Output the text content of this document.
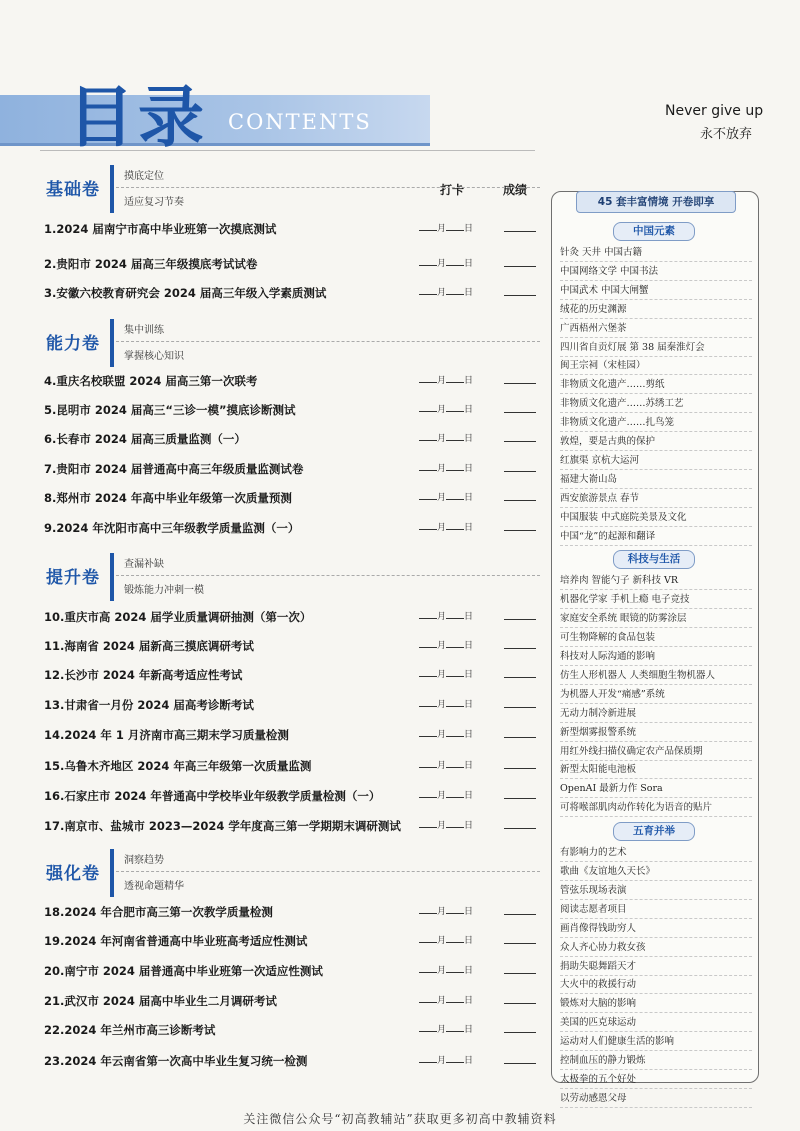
目录 CONTENTS	Never give up
永不放弃
打卡	成绩
基础卷
摸底定位
适应复习节奏
能力卷
集中训练
掌握核心知识
提升卷
查漏补缺
锻炼能力冲刺一模
强化卷
洞察趋势
透视命题精华
1.2024 届南宁市高中毕业班第一次摸底测试	月 日
2.贵阳市 2024 届高三年级摸底考试试卷	月 日
3.安徽六校教育研究会 2024 届高三年级入学素质测试	月 日
4.重庆名校联盟 2024 届高三第一次联考	月 日
5.昆明市 2024 届高三“三诊一模”摸底诊断测试	月 日
6.长春市 2024 届高三质量监测（一）	月 日
7.贵阳市 2024 届普通高中高三年级质量监测试卷	月 日
8.郑州市 2024 年高中毕业年级第一次质量预测	月 日
9.2024 年沈阳市高中三年级教学质量监测（一）	月 日
10.重庆市高 2024 届学业质量调研抽测（第一次）	月 日
11.海南省 2024 届新高三摸底调研考试	月 日
12.长沙市 2024 年新高考适应性考试	月 日
13.甘肃省一月份 2024 届高考诊断考试	月 日
14.2024 年 1 月济南市高三期末学习质量检测	月 日
15.乌鲁木齐地区 2024 年高三年级第一次质量监测	月 日
16.石家庄市 2024 年普通高中学校毕业年级教学质量检测（一）	月 日
17.南京市、盐城市 2023—2024 学年度高三第一学期期末调研测试	月 日
18.2024 年合肥市高三第一次教学质量检测	月 日
19.2024 年河南省普通高中毕业班高考适应性测试	月 日
20.南宁市 2024 届普通高中毕业班第一次适应性测试	月 日
21.武汉市 2024 届高中毕业生二月调研考试	月 日
22.2024 年兰州市高三诊断考试	月 日
23.2024 年云南省第一次高中毕业生复习统一检测	月 日
45 套丰富情境 开卷即享
中国元素
针灸 天井 中国古籍
中国网络文学 中国书法
中国武术 中国大闸蟹
绒花的历史渊源
广西梧州六堡茶
四川省自贡灯展 第 38 届秦淮灯会
闽王宗祠（宋桂园）
非物质文化遗产……剪纸
非物质文化遗产……苏绣工艺
非物质文化遗产……扎鸟笼
敦煌，要是古典的保护
红旗渠 京杭大运河
福建大嵛山岛
西安旅游景点 春节
中国服装 中式庭院美景及文化
中国“龙”的起源和翻译
科技与生活
培养肉 智能勺子 新科技 VR
机器化学家 手机上瘾 电子竞技
家庭安全系统 眼镜的防雾涂层
可生物降解的食品包装
科技对人际沟通的影响
仿生人形机器人 人类细胞生物机器人
为机器人开发“痛感”系统
无动力制冷新进展
新型烟雾报警系统
用红外线扫描仪确定农产品保质期
新型太阳能电池板
OpenAI 最新力作 Sora
可将喉部肌肉动作转化为语音的贴片
五育并举
有影响力的艺术
歌曲《友谊地久天长》
管弦乐现场表演
阅读志愿者项目
画肖像得钱助穷人
众人齐心协力救女孩
捐助失聪舞蹈天才
大火中的救援行动
锻炼对大脑的影响
美国的匹克球运动
运动对人们健康生活的影响
控制血压的静力锻炼
太极拳的五个好处
以劳动感恩父母
关注微信公众号“初高教辅站”获取更多初高中教辅资料
